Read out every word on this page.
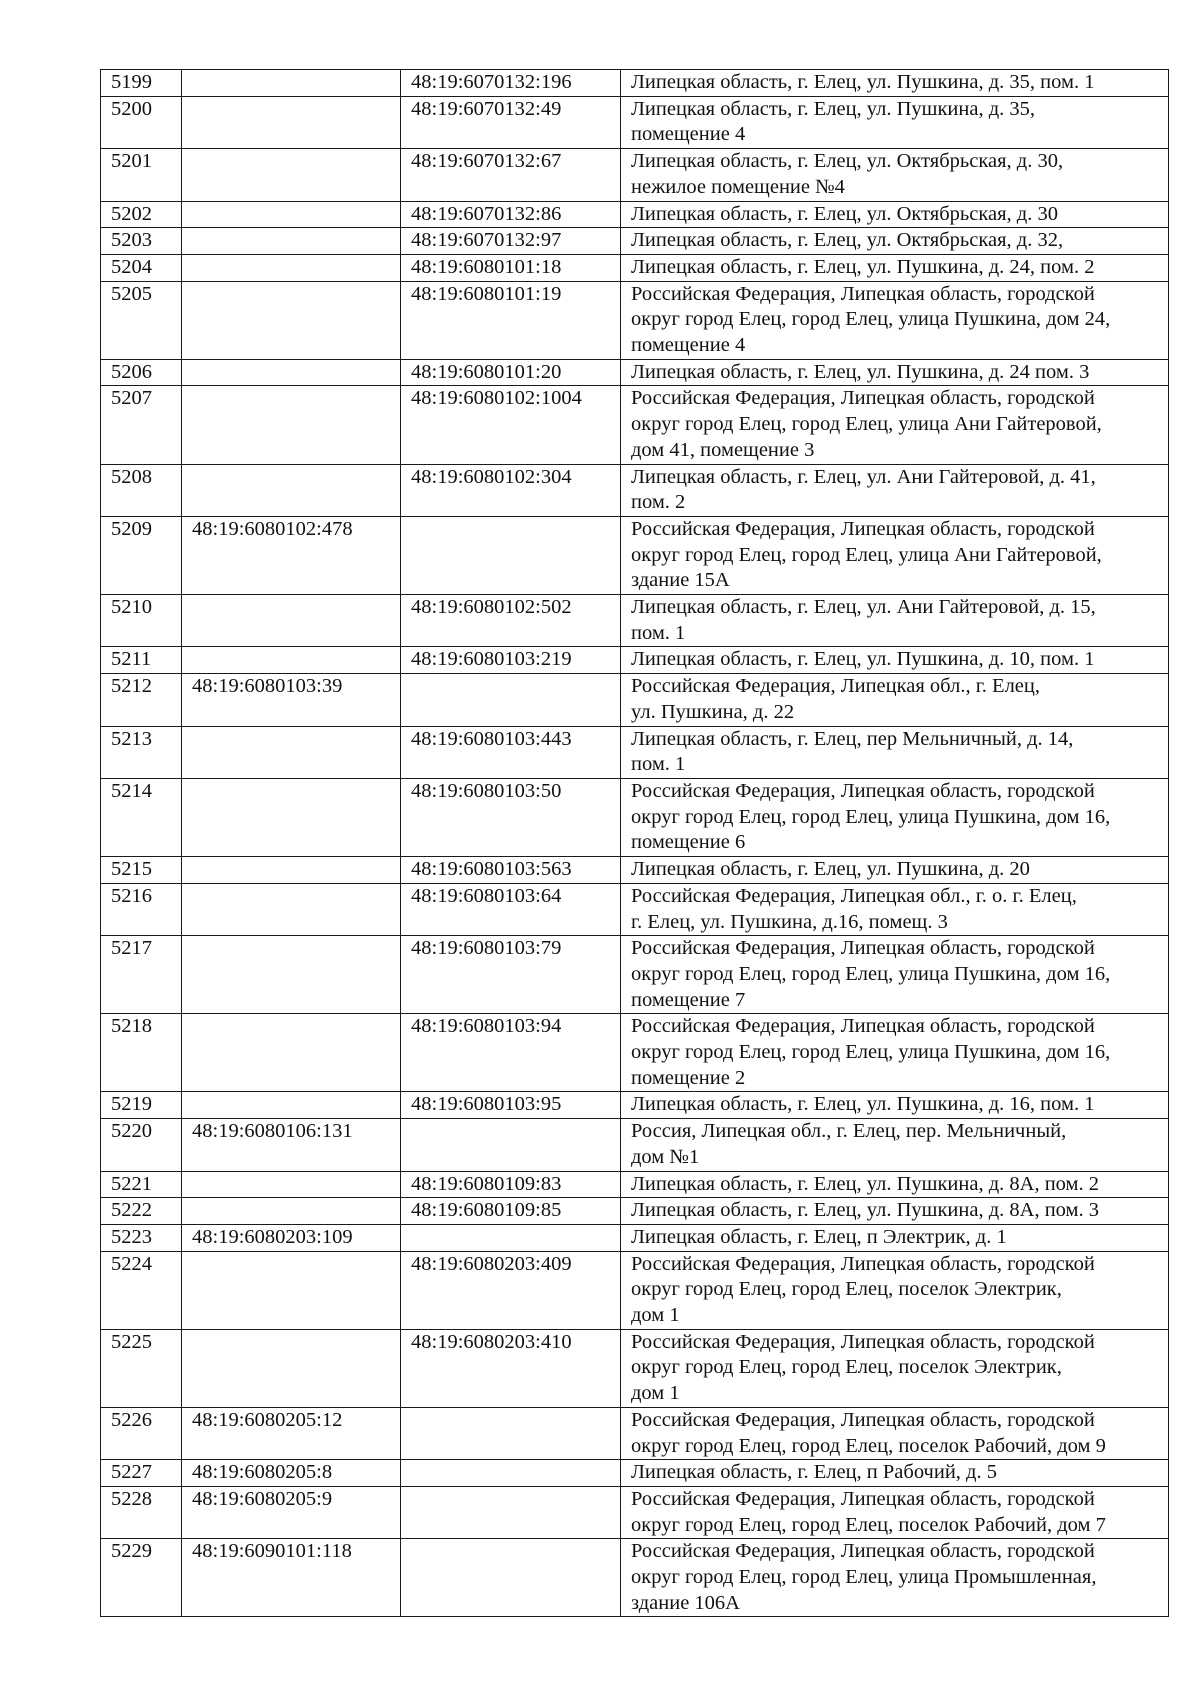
5199		48:19:6070132:196	Липецкая область, г. Елец, ул. Пушкина, д. 35, пом. 1

5200		48:19:6070132:49	Липецкая область, г. Елец, ул. Пушкина, д. 35,
помещение 4

5201		48:19:6070132:67	Липецкая область, г. Елец, ул. Октябрьская, д. 30,
нежилое помещение №4

5202		48:19:6070132:86	Липецкая область, г. Елец, ул. Октябрьская, д. 30

5203		48:19:6070132:97	Липецкая область, г. Елец, ул. Октябрьская, д. 32,

5204		48:19:6080101:18	Липецкая область, г. Елец, ул. Пушкина, д. 24, пом. 2

5205		48:19:6080101:19	Российская Федерация, Липецкая область, городской
округ город Елец, город Елец, улица Пушкина, дом 24,
помещение 4

5206		48:19:6080101:20	Липецкая область, г. Елец, ул. Пушкина, д. 24 пом. 3

5207		48:19:6080102:1004	Российская Федерация, Липецкая область, городской
округ город Елец, город Елец, улица Ани Гайтеровой,
дом 41, помещение 3

5208		48:19:6080102:304	Липецкая область, г. Елец, ул. Ани Гайтеровой, д. 41,
пом. 2

5209	48:19:6080102:478		Российская Федерация, Липецкая область, городской
округ город Елец, город Елец, улица Ани Гайтеровой,
здание 15А

5210		48:19:6080102:502	Липецкая область, г. Елец, ул. Ани Гайтеровой, д. 15,
пом. 1

5211		48:19:6080103:219	Липецкая область, г. Елец, ул. Пушкина, д. 10, пом. 1

5212	48:19:6080103:39		Российская Федерация, Липецкая обл., г. Елец,
ул. Пушкина, д. 22

5213		48:19:6080103:443	Липецкая область, г. Елец, пер Мельничный, д. 14,
пом. 1

5214		48:19:6080103:50	Российская Федерация, Липецкая область, городской
округ город Елец, город Елец, улица Пушкина, дом 16,
помещение 6

5215		48:19:6080103:563	Липецкая область, г. Елец, ул. Пушкина, д. 20

5216		48:19:6080103:64	Российская Федерация, Липецкая обл., г. о. г. Елец,
г. Елец, ул. Пушкина, д.16, помещ. 3

5217		48:19:6080103:79	Российская Федерация, Липецкая область, городской
округ город Елец, город Елец, улица Пушкина, дом 16,
помещение 7

5218		48:19:6080103:94	Российская Федерация, Липецкая область, городской
округ город Елец, город Елец, улица Пушкина, дом 16,
помещение 2

5219		48:19:6080103:95	Липецкая область, г. Елец, ул. Пушкина, д. 16, пом. 1

5220	48:19:6080106:131		Россия, Липецкая обл., г. Елец, пер. Мельничный,
дом №1

5221		48:19:6080109:83	Липецкая область, г. Елец, ул. Пушкина, д. 8А, пом. 2

5222		48:19:6080109:85	Липецкая область, г. Елец, ул. Пушкина, д. 8А, пом. 3

5223	48:19:6080203:109		Липецкая область, г. Елец, п Электрик, д. 1

5224		48:19:6080203:409	Российская Федерация, Липецкая область, городской
округ город Елец, город Елец, поселок Электрик,
дом 1

5225		48:19:6080203:410	Российская Федерация, Липецкая область, городской
округ город Елец, город Елец, поселок Электрик,
дом 1

5226	48:19:6080205:12		Российская Федерация, Липецкая область, городской
округ город Елец, город Елец, поселок Рабочий, дом 9

5227	48:19:6080205:8		Липецкая область, г. Елец, п Рабочий, д. 5

5228	48:19:6080205:9		Российская Федерация, Липецкая область, городской
округ город Елец, город Елец, поселок Рабочий, дом 7

5229	48:19:6090101:118		Российская Федерация, Липецкая область, городской
округ город Елец, город Елец, улица Промышленная,
здание 106А
